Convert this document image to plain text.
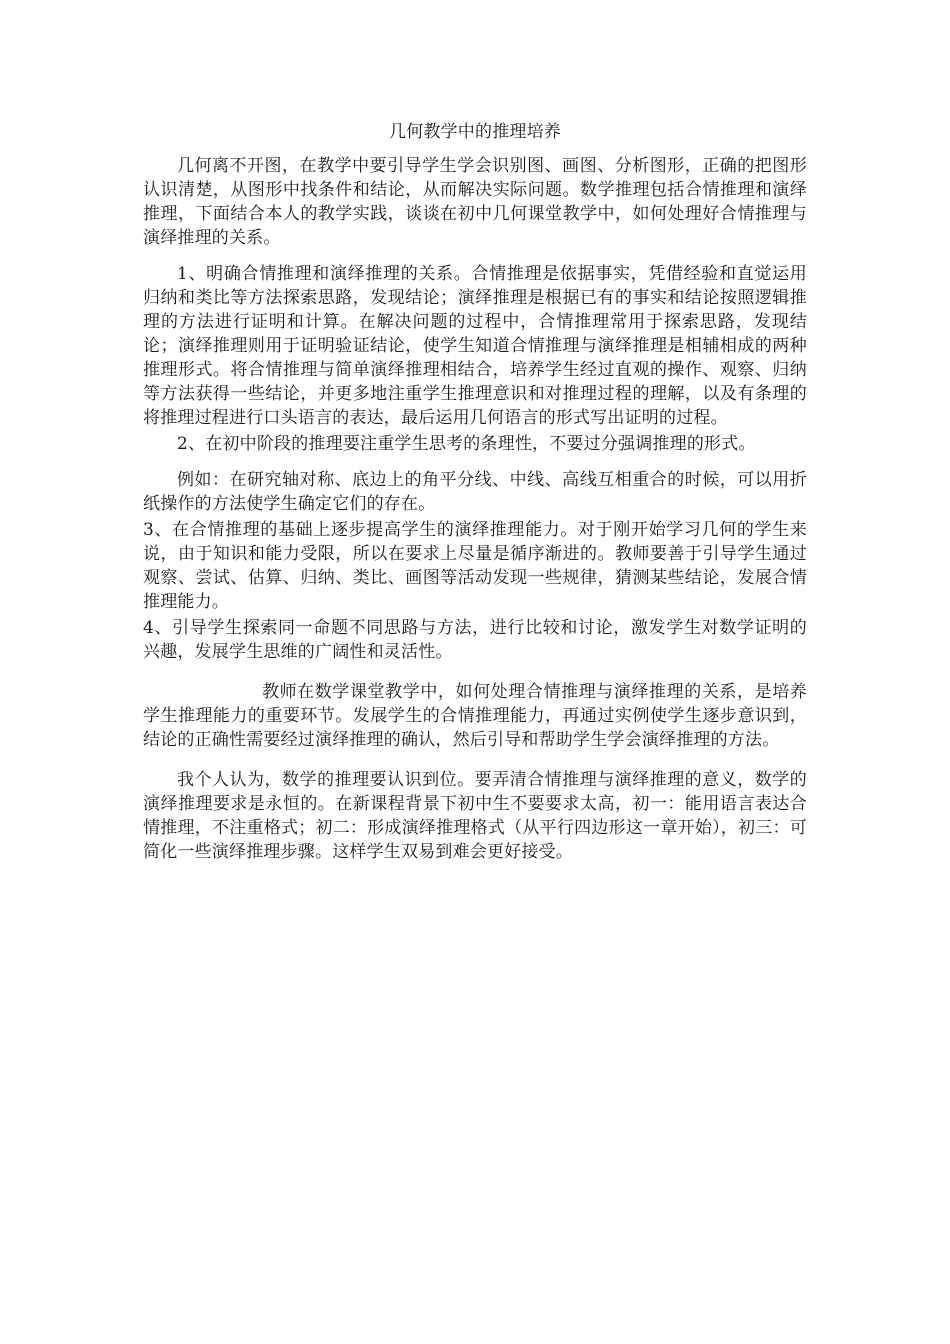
几何教学中的推理培养

几何离不开图，在教学中要引导学生学会识别图、画图、分析图形，正确的把图形认识清楚，从图形中找条件和结论，从而解决实际问题。数学推理包括合情推理和演绎推理，下面结合本人的教学实践，谈谈在初中几何课堂教学中，如何处理好合情推理与演绎推理的关系。

1、明确合情推理和演绎推理的关系。合情推理是依据事实，凭借经验和直觉运用归纳和类比等方法探索思路，发现结论；演绎推理是根据已有的事实和结论按照逻辑推理的方法进行证明和计算。在解决问题的过程中，合情推理常用于探索思路，发现结论；演绎推理则用于证明验证结论，使学生知道合情推理与演绎推理是相辅相成的两种推理形式。将合情推理与简单演绎推理相结合，培养学生经过直观的操作、观察、归纳等方法获得一些结论，并更多地注重学生推理意识和对推理过程的理解，以及有条理的将推理过程进行口头语言的表达，最后运用几何语言的形式写出证明的过程。

2、在初中阶段的推理要注重学生思考的条理性，不要过分强调推理的形式。

例如：在研究轴对称、底边上的角平分线、中线、高线互相重合的时候，可以用折纸操作的方法使学生确定它们的存在。

3、在合情推理的基础上逐步提高学生的演绎推理能力。对于刚开始学习几何的学生来说，由于知识和能力受限，所以在要求上尽量是循序渐进的。教师要善于引导学生通过观察、尝试、估算、归纳、类比、画图等活动发现一些规律，猜测某些结论，发展合情推理能力。

4、引导学生探索同一命题不同思路与方法，进行比较和讨论，激发学生对数学证明的兴趣，发展学生思维的广阔性和灵活性。

教师在数学课堂教学中，如何处理合情推理与演绎推理的关系，是培养学生推理能力的重要环节。发展学生的合情推理能力，再通过实例使学生逐步意识到，结论的正确性需要经过演绎推理的确认，然后引导和帮助学生学会演绎推理的方法。

我个人认为，数学的推理要认识到位。要弄清合情推理与演绎推理的意义，数学的演绎推理要求是永恒的。在新课程背景下初中生不要要求太高，初一：能用语言表达合情推理，不注重格式；初二：形成演绎推理格式（从平行四边形这一章开始），初三：可简化一些演绎推理步骤。这样学生双易到难会更好接受。
